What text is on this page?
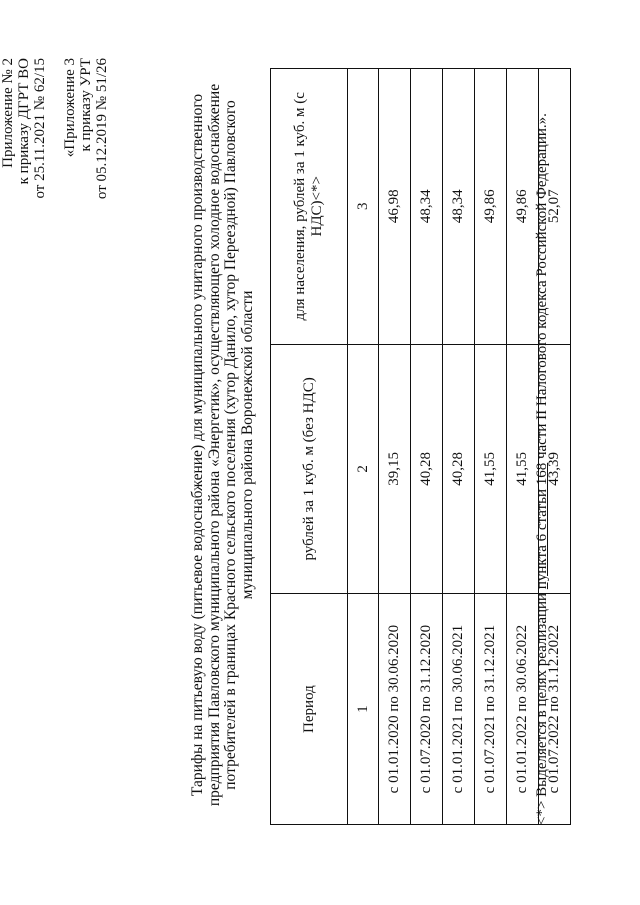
Приложение № 2 к приказу ДГРТ ВО от 25.11.2021 № 62/15 «Приложение 3 к приказу УРТ от 05.12.2019 № 51/26	Тарифы на питьевую воду (питьевое водоснабжение) для муниципального унитарного производственного предприятия Павловского муниципального района «Энергетик», осуществляющего холодное водоснабжение потребителей в границах Красного сельского поселения (хутор Данило, хутор Переездной) Павловского муниципального района Воронежской области
Период	рублей за 1 куб. м (без НДС)	для населения, рублей за 1 куб. м (с НДС)<*>
1	2	3
с 01.01.2020 по 30.06.2020	39,15	46,98
с 01.07.2020 по 31.12.2020	40,28	48,34
с 01.01.2021 по 30.06.2021	40,28	48,34
с 01.07.2021 по 31.12.2021	41,55	49,86
с 01.01.2022 по 30.06.2022	41,55	49,86
с 01.07.2022 по 31.12.2022	43,39	52,07
<*> Выделяется в целях реализации пункта 6 статьи 168 части II Налогового кодекса Российской Федерации.».
